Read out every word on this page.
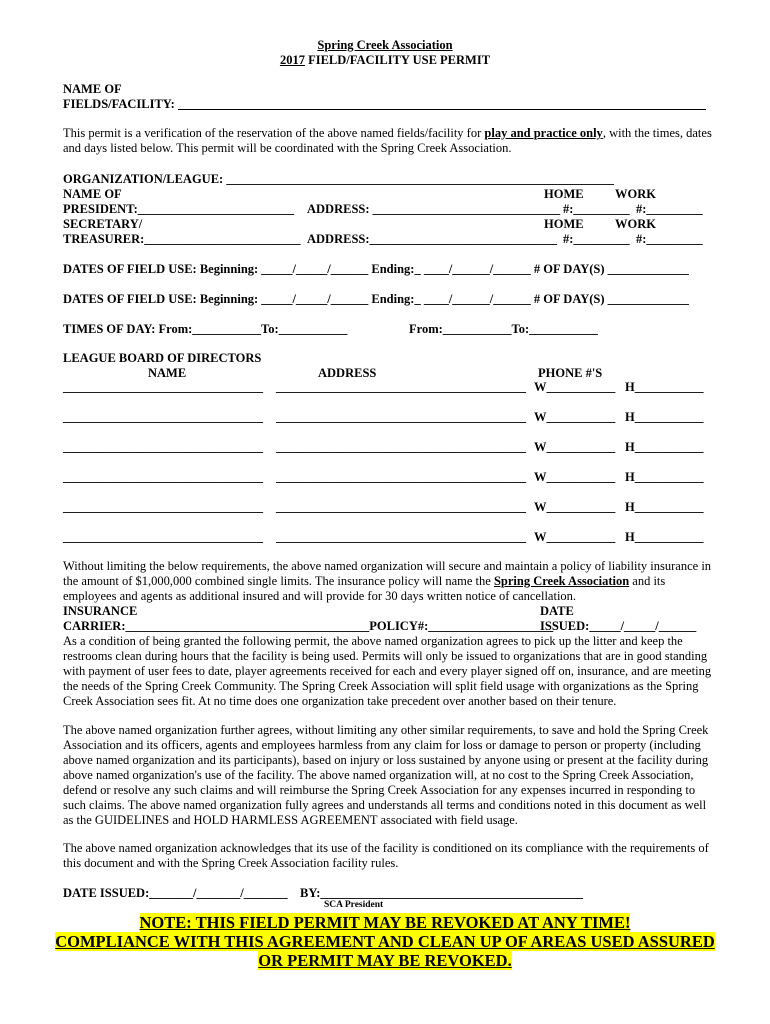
Spring Creek Association
2017 FIELD/FACILITY USE PERMIT
NAME OF
FIELDS/FACILITY:
This permit is a verification of the reservation of the above named fields/facility for play and practice only, with the times, dates and days listed below. This permit will be coordinated with the Spring Creek Association.
ORGANIZATION/LEAGUE: ______________________________________________________________
NAME OF	HOME	WORK
PRESIDENT:_________________________ ADDRESS: ______________________________ #:_________ #:_________
SECRETARY/	HOME	WORK
TREASURER:_________________________ ADDRESS:______________________________ #:_________ #:_________
DATES OF FIELD USE: Beginning: _____/_____/______ Ending:_ ____/______/______ # OF DAY(S) _____________
DATES OF FIELD USE: Beginning: _____/_____/______ Ending:_ ____/______/______ # OF DAY(S) _____________
TIMES OF DAY: From:___________To:___________	From:___________To:___________
LEAGUE BOARD OF DIRECTORS
NAME	ADDRESS	PHONE #'S
________________________________ ________________________________________ W___________ H___________
________________________________ ________________________________________ W___________ H___________
________________________________ ________________________________________ W___________ H___________
________________________________ ________________________________________ W___________ H___________
________________________________ ________________________________________ W___________ H___________
________________________________ ________________________________________ W___________ H___________
Without limiting the below requirements, the above named organization will secure and maintain a policy of liability insurance in the amount of $1,000,000 combined single limits. The insurance policy will name the Spring Creek Association and its employees and agents as additional insured and will provide for 30 days written notice of cancellation.
INSURANCE	DATE
CARRIER:_______________________________________POLICY#:____________________
ISSUED:_____/_____/______
As a condition of being granted the following permit, the above named organization agrees to pick up the litter and keep the restrooms clean during hours that the facility is being used. Permits will only be issued to organizations that are in good standing with payment of user fees to date, player agreements received for each and every player signed off on, insurance, and are meeting the needs of the Spring Creek Community. The Spring Creek Association will split field usage with organizations as the Spring Creek Association sees fit. At no time does one organization take precedent over another based on their tenure.
The above named organization further agrees, without limiting any other similar requirements, to save and hold the Spring Creek Association and its officers, agents and employees harmless from any claim for loss or damage to person or property (including above named organization and its participants), based on injury or loss sustained by anyone using or present at the facility during above named organization's use of the facility. The above named organization will, at no cost to the Spring Creek Association, defend or resolve any such claims and will reimburse the Spring Creek Association for any expenses incurred in responding to such claims. The above named organization fully agrees and understands all terms and conditions noted in this document as well as the GUIDELINES and HOLD HARMLESS AGREEMENT associated with field usage.
The above named organization acknowledges that its use of the facility is conditioned on its compliance with the requirements of this document and with the Spring Creek Association facility rules.
DATE ISSUED:_______/_______/_______ BY:__________________________________________
SCA President
NOTE: THIS FIELD PERMIT MAY BE REVOKED AT ANY TIME!
COMPLIANCE WITH THIS AGREEMENT AND CLEAN UP OF AREAS USED ASSURED
OR PERMIT MAY BE REVOKED.
